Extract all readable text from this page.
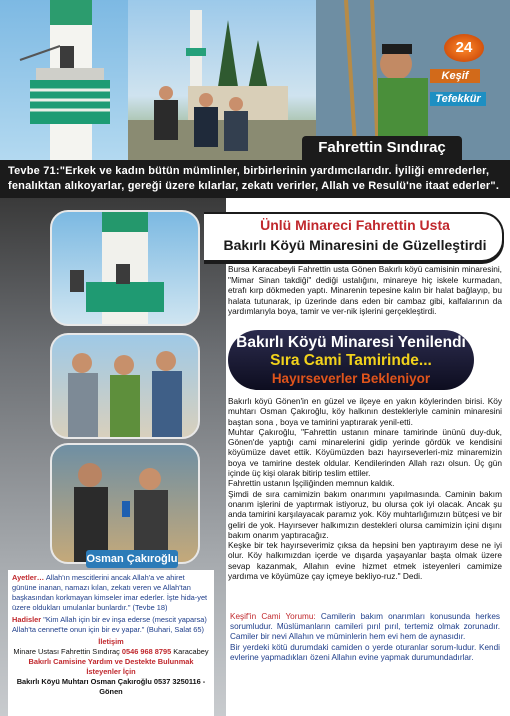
24
Keşif
Tefekkür
Fahrettin Sındıraç
Tevbe 71:"Erkek ve kadın bütün mümlinler, birbirlerinin yardımcılarıdır. İyiliği emrederler, fenalıktan alıkoyarlar, gereği üzere kılarlar, zekatı verirler, Allah ve Resulü'ne itaat ederler".
Osman Çakıroğlu

Ayetler… Allah'ın mescitlerini ancak Allah'a ve ahiret gününe inanan, namazı kılan, zekatı veren ve Allah'tan başkasından korkmayan kimseler imar ederler. İşte hida-yet üzere oldukları umulanlar bunlardır." (Tevbe 18)

Hadisler "Kim Allah için bir ev inşa ederse (mescit yaparsa) Allah'ta cennet'te onun için bir ev yapar." (Buhari, Salat 65)

İletişim
Minare Ustası Fahrettin Sındıraç 0546 968 8795 Karacabey
Bakırlı Camisine Yardım ve Destekte Bulunmak İsteyenler İçin
Bakırlı Köyü Muhtarı Osman Çakıroğlu 0537 3250116 - Gönen
Ünlü Minareci Fahrettin Usta
Bakırlı Köyü Minaresini de Güzelleştirdi
Bursa Karacabeyli Fahrettin usta Gönen Bakırlı köyü camisinin minaresini, "Mimar Sinan takdiği" dediği ustalığını, minareye hiç iskele kurmadan, etrafı kırp dökmeden yaptı. Minarenin tepesine kalın bir halat bağlayıp, bu halata tutunarak, ip üzerinde dans eden bir cambaz gibi, kalfalarının da yardımlarıyla boya, tamir ve ver-nik işlerini gerçekleştirdi.
Bakırlı Köyü Minaresi Yenilendi
Sıra Cami Tamirinde...
Hayırseverler Bekleniyor

Bakırlı köyü Gönen'in en güzel ve ilçeye en yakın köylerinden birisi. Köy muhtarı Osman Çakıroğlu, köy halkının destekleriyle caminin minaresini baştan sona , boya ve tamirini yaptırarak yenil-etti.

Muhtar Çakıroğlu, "Fahrettin ustanın minare tamirinde ününü duy-duk, Gönen'de yaptığı cami minarelerini gidip yerinde gördük ve kendisini köyümüze davet ettik. Köyümüzden bazı hayırseverleri-miz minaremizin boya ve tamirine destek oldular. Kendilerinden Allah razı olsun. Üç gün içinde üç kişi olarak bitirip teslim ettiler.

Fahrettin ustanın İşçiliğinden memnun kaldık.

Şimdi de sıra camimizin bakım onarımını yapılmasında. Caminin bakım onarım işlerini de yaptırmak istiyoruz, bu olursa çok iyi olacak. Ancak şu anda tamirini karşılayacak paramız yok. Köy muhtarlığımızın bütçesi ve bir geliri de yok. Hayırsever halkımızın destekleri olursa camimizin içini dışını bakım onarım yaptıracağız.

Keşke bir tek hayırseverimiz çıksa da hepsini ben yaptırayım dese ne iyi olur. Köy halkımızdan içerde ve dışarda yaşayanlar başta olmak üzere sevap kazanmak, Allahın evine hizmet etmek isteyenleri camimize yardıma ve köyümüze çay içmeye bekliyo-ruz." Dedi.

Keşif'in Cami Yorumu: Camilerin bakım onarımları konusunda herkes sorumludur. Müslümanların camileri pırıl pırıl, tertemiz olmak zorunadır. Camiler bir nevi Allahın ve müminlerin hem evi hem de aynasıdır.
Bir yerdeki kötü durumdaki camiden o yerde oturanlar sorum-ludur. Kendi evlerine yapmadıkları özeni Allahın evine yapmak durumundadırlar.
